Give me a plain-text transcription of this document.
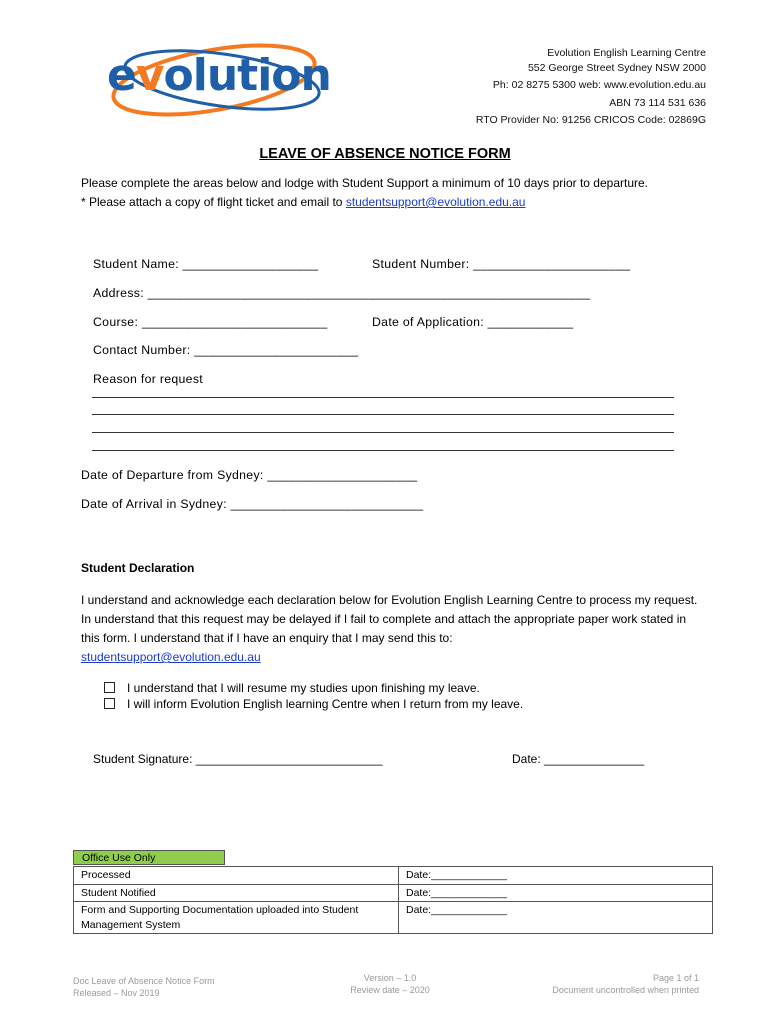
evolution	Evolution English Learning Centre
552 George Street Sydney NSW 2000
Ph: 02 8275 5300 web: www.evolution.edu.au
ABN 73 114 531 636
RTO Provider No: 91256 CRICOS Code: 02869G
LEAVE OF ABSENCE NOTICE FORM
Please complete the areas below and lodge with Student Support a minimum of 10 days prior to departure.
* Please attach a copy of flight ticket and email to studentsupport@evolution.edu.au
Student Name: ___________________	Student Number: ______________________
Address: ______________________________________________________________
Course: __________________________	Date of Application: ____________
Contact Number: _______________________
Reason for request
Date of Departure from Sydney: _____________________
Date of Arrival in Sydney: ___________________________
Student Declaration

I understand and acknowledge each declaration below for Evolution English Learning Centre to process my request. In understand that this request may be delayed if I fail to complete and attach the appropriate paper work stated in this form. I understand that if I have an enquiry that I may send this to:

studentsupport@evolution.edu.au

I understand that I will resume my studies upon finishing my leave.
I will inform Evolution English learning Centre when I return from my leave.
Student Signature: ____________________________	Date: _______________
Office Use Only
Processed	Date:_____________
Student Notified	Date:_____________
Form and Supporting Documentation uploaded into Student Management System	Date:_____________
Doc Leave of Absence Notice Form
Released – Nov 2019
Version – 1.0
Review date – 2020
Page 1 of 1
Document uncontrolled when printed
